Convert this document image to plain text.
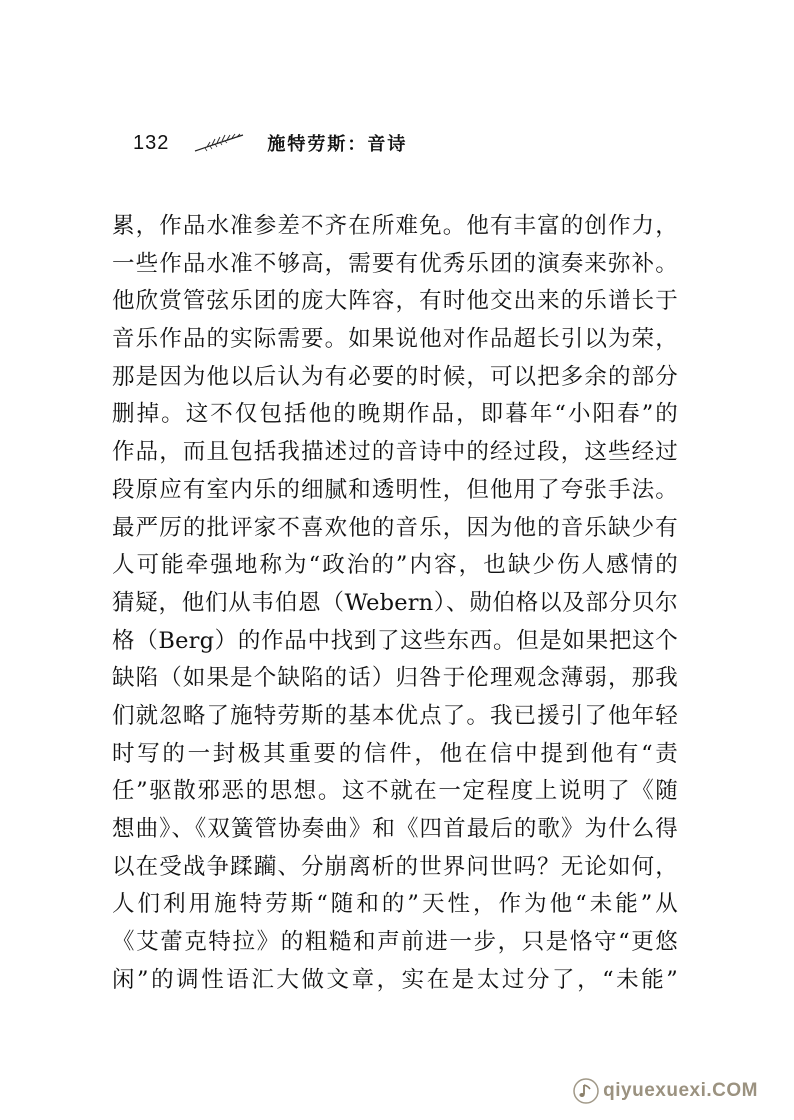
132	施特劳斯：音诗
累，作品水准参差不齐在所难免。他有丰富的创作力，
一些作品水准不够高，需要有优秀乐团的演奏来弥补。
他欣赏管弦乐团的庞大阵容，有时他交出来的乐谱长于
音乐作品的实际需要。如果说他对作品超长引以为荣，
那是因为他以后认为有必要的时候，可以把多余的部分
删掉。这不仅包括他的晚期作品，即暮年“小阳春”的
作品，而且包括我描述过的音诗中的经过段，这些经过
段原应有室内乐的细腻和透明性，但他用了夸张手法。
最严厉的批评家不喜欢他的音乐，因为他的音乐缺少有
人可能牵强地称为“政治的”内容，也缺少伤人感情的
猜疑，他们从韦伯恩（Webern）、勋伯格以及部分贝尔
格（Berg）的作品中找到了这些东西。但是如果把这个
缺陷（如果是个缺陷的话）归咎于伦理观念薄弱，那我
们就忽略了施特劳斯的基本优点了。我已援引了他年轻
时写的一封极其重要的信件，他在信中提到他有“责
任”驱散邪恶的思想。这不就在一定程度上说明了《随
想曲》、《双簧管协奏曲》和《四首最后的歌》为什么得
以在受战争蹂躏、分崩离析的世界问世吗？无论如何，
人们利用施特劳斯“随和的”天性，作为他“未能”从
《艾蕾克特拉》的粗糙和声前进一步，只是恪守“更悠
闲”的调性语汇大做文章，实在是太过分了，“未能”
qiyuexuexi.COM
